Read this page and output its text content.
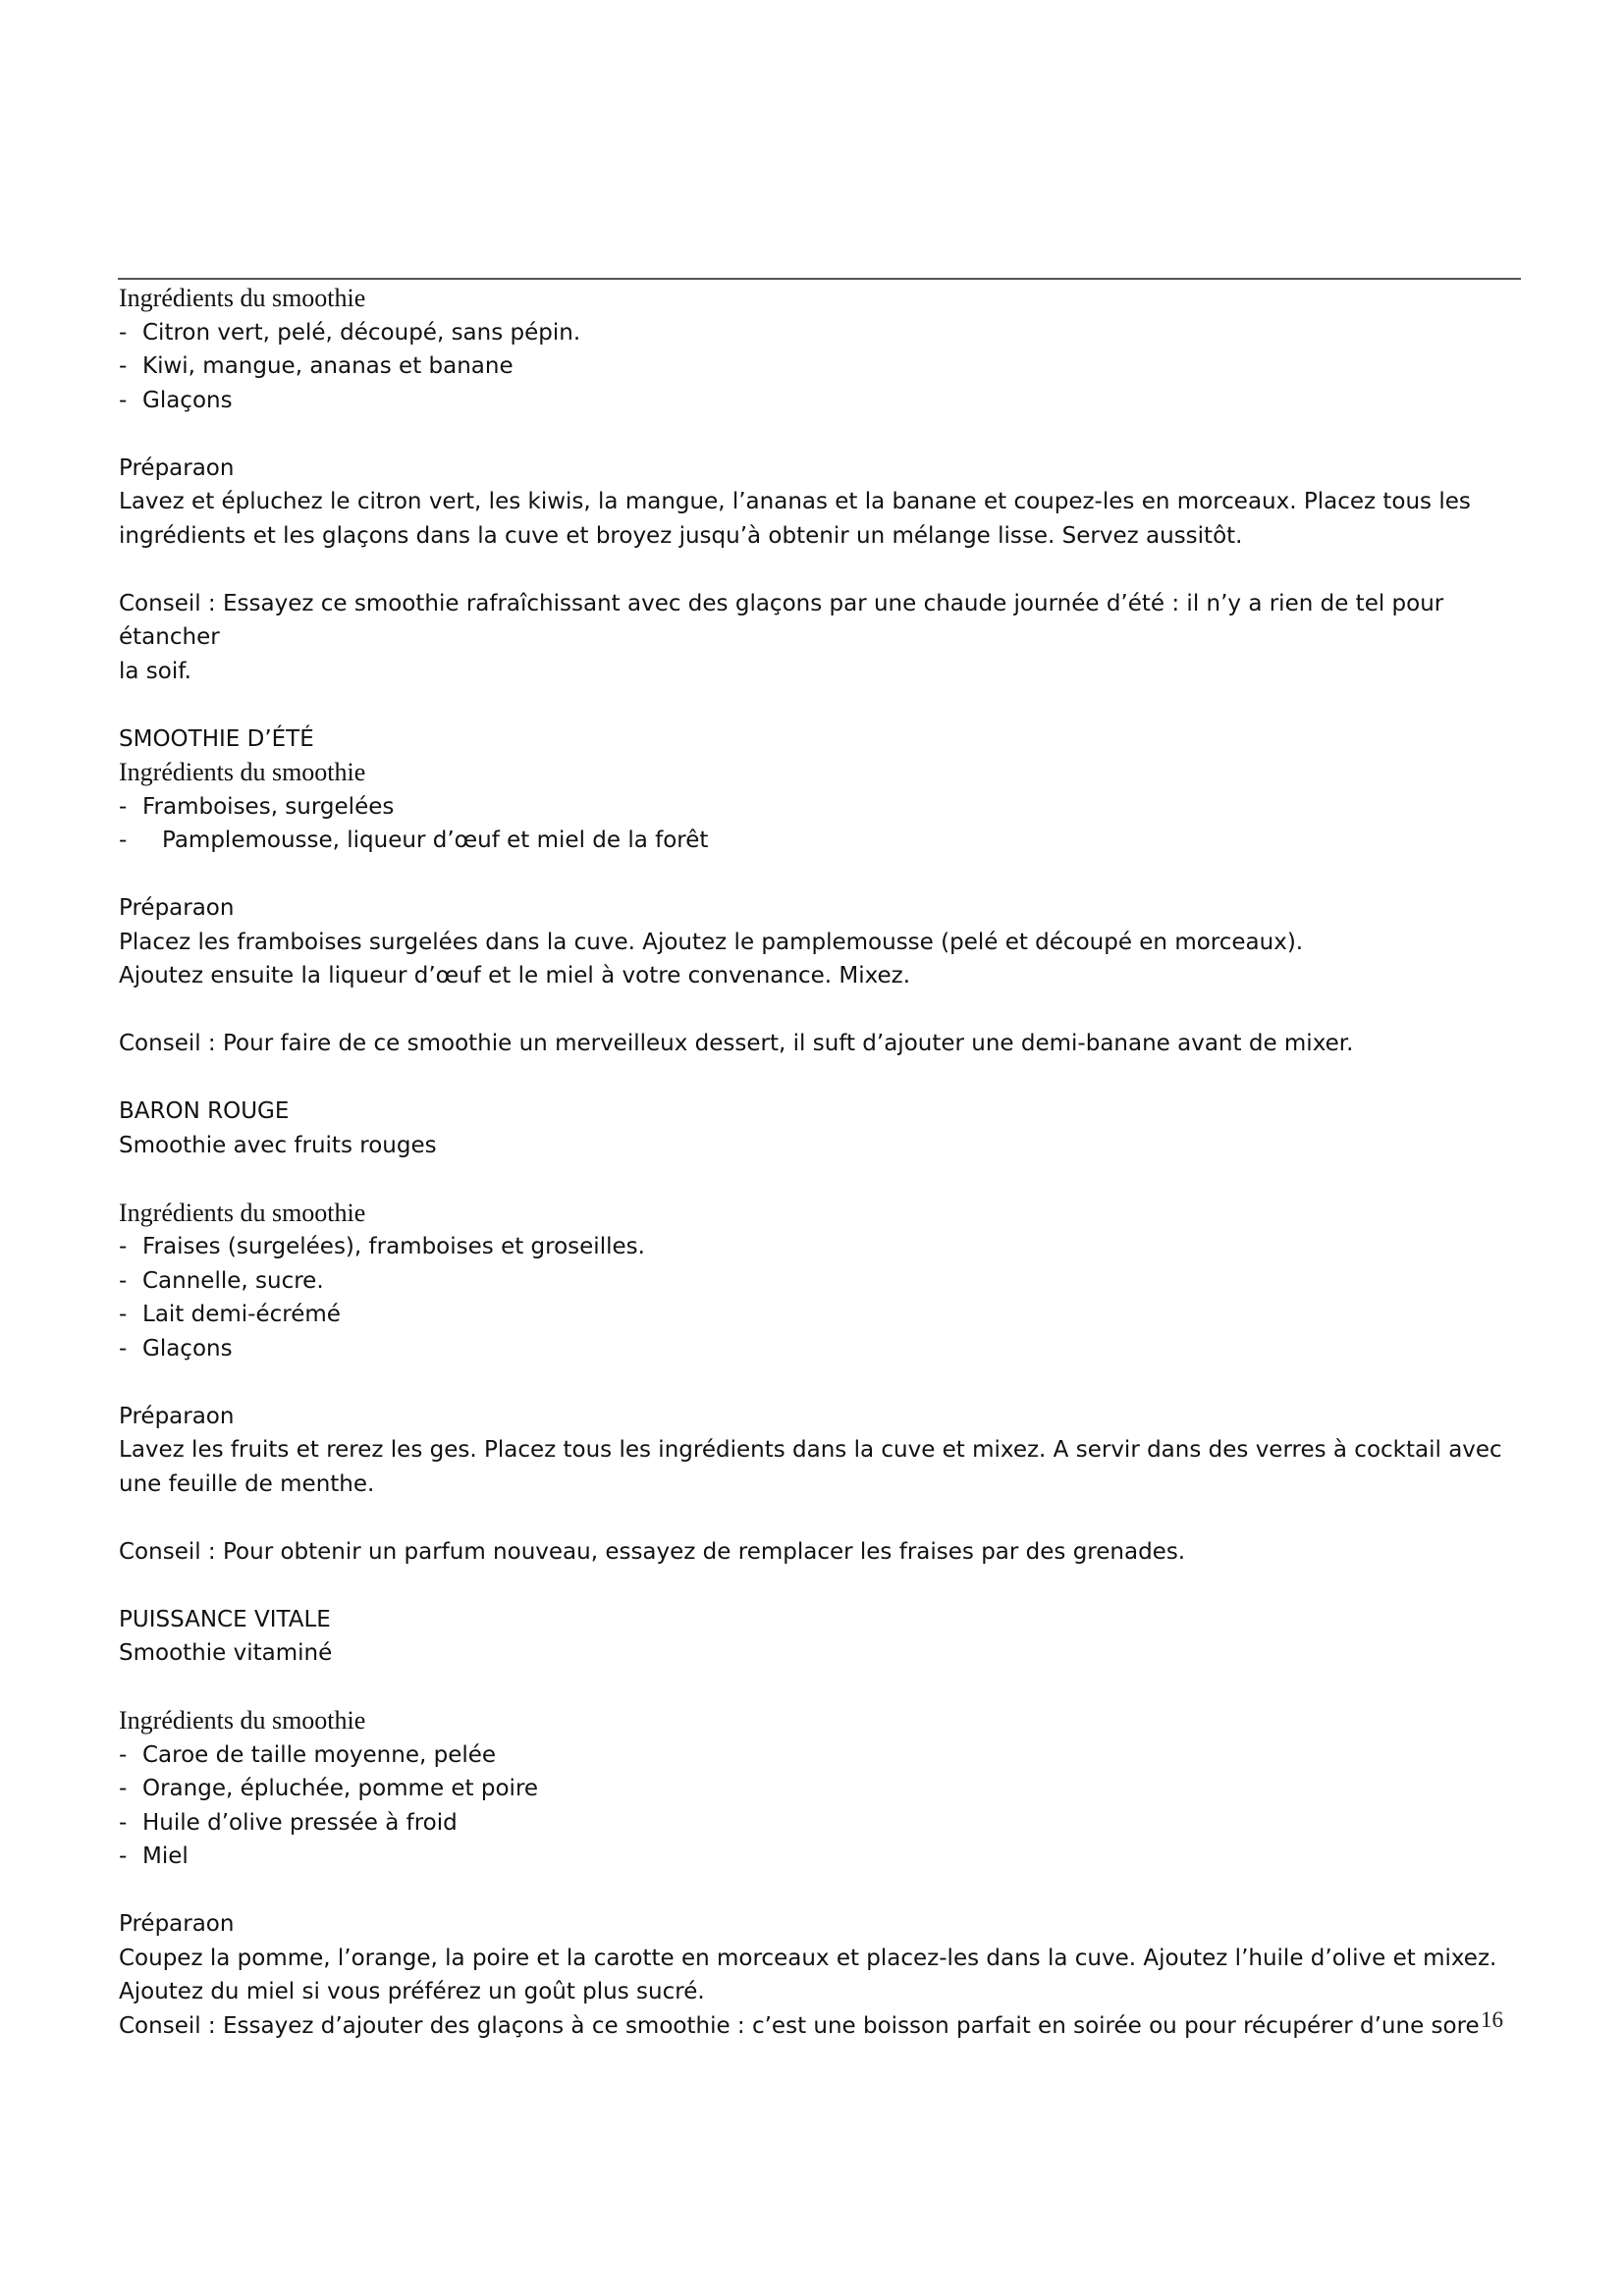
Ingrédients du smoothie

- Citron vert, pelé, découpé, sans pépin.
- Kiwi, mangue, ananas et banane
- Glaçons

Préparaon

Lavez et épluchez le citron vert, les kiwis, la mangue, l’ananas et la banane et coupez-les en morceaux. Placez tous les

ingrédients et les glaçons dans la cuve et broyez jusqu’à obtenir un mélange lisse. Servez aussitôt.

Conseil : Essayez ce smoothie rafraîchissant avec des glaçons par une chaude journée d’été : il n’y a rien de tel pour étancher

la soif.

SMOOTHIE D’ÉTÉ

Ingrédients du smoothie

- Framboises, surgelées
-	Pamplemousse, liqueur d’œuf et miel de la forêt

Préparaon

Placez les framboises surgelées dans la cuve. Ajoutez le pamplemousse (pelé et découpé en morceaux).

Ajoutez ensuite la liqueur d’œuf et le miel à votre convenance. Mixez.

Conseil : Pour faire de ce smoothie un merveilleux dessert, il suft d’ajouter une demi-banane avant de mixer.

BARON ROUGE

Smoothie avec fruits rouges

Ingrédients du smoothie

- Fraises (surgelées), framboises et groseilles.
- Cannelle, sucre.
- Lait demi-écrémé
- Glaçons

Préparaon

Lavez les fruits et rerez les ges. Placez tous les ingrédients dans la cuve et mixez. A servir dans des verres à cocktail avec

une feuille de menthe.

Conseil : Pour obtenir un parfum nouveau, essayez de remplacer les fraises par des grenades.

PUISSANCE VITALE

Smoothie vitaminé

Ingrédients du smoothie

- Caroe de taille moyenne, pelée
- Orange, épluchée, pomme et poire
- Huile d’olive pressée à froid
- Miel

Préparaon

Coupez la pomme, l’orange, la poire et la carotte en morceaux et placez-les dans la cuve. Ajoutez l’huile d’olive et mixez.

Ajoutez du miel si vous préférez un goût plus sucré.

Conseil : Essayez d’ajouter des glaçons à ce smoothie : c’est une boisson parfait en soirée ou pour récupérer d’une sore 16
